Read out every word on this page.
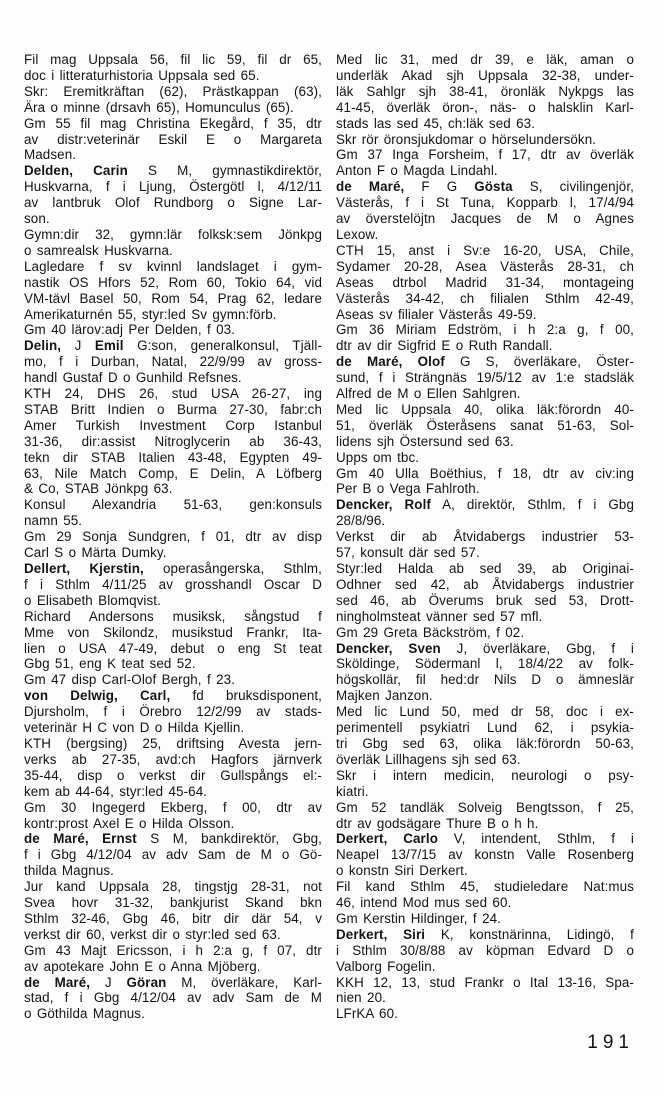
Fil mag Uppsala 56, fil lic 59, fil dr 65,
doc i litteraturhistoria Uppsala sed 65.
Skr: Eremitkräftan (62), Prästkappan (63),
Ära o minne (drsavh 65), Homunculus (65).
Gm 55 fil mag Christina Ekegård, f 35, dtr
av distr:veterinär Eskil E o Margareta
Madsen.
Delden, Carin S M, gymnastikdirektör,
Huskvarna, f i Ljung, Östergötl l, 4/12/11
av lantbruk Olof Rundborg o Signe Lar-
son.
Gymn:dir 32, gymn:lär folksk:sem Jönkpg
o samrealsk Huskvarna.
Lagledare f sv kvinnl landslaget i gym-
nastik OS Hfors 52, Rom 60, Tokio 64, vid
VM-tävl Basel 50, Rom 54, Prag 62, ledare
Amerikaturnén 55, styr:led Sv gymn:förb.
Gm 40 lärov:adj Per Delden, f 03.
Delin, J Emil G:son, generalkonsul, Tjäll-
mo, f i Durban, Natal, 22/9/99 av gross-
handl Gustaf D o Gunhild Refsnes.
KTH 24, DHS 26, stud USA 26-27, ing
STAB Britt Indien o Burma 27-30, fabr:ch
Amer Turkish Investment Corp Istanbul
31-36, dir:assist Nitroglycerin ab 36-43,
tekn dir STAB Italien 43-48, Egypten 49-
63, Nile Match Comp, E Delin, A Löfberg
& Co, STAB Jönkpg 63.
Konsul Alexandria 51-63, gen:konsuls
namn 55.
Gm 29 Sonja Sundgren, f 01, dtr av disp
Carl S o Märta Dumky.
Dellert, Kjerstin, operasångerska, Sthlm,
f i Sthlm 4/11/25 av grosshandl Oscar D
o Elisabeth Blomqvist.
Richard Andersons musiksk, sångstud f
Mme von Skilondz, musikstud Frankr, Ita-
lien o USA 47-49, debut o eng St teat
Gbg 51, eng K teat sed 52.
Gm 47 disp Carl-Olof Bergh, f 23.
von Delwig, Carl, fd bruksdisponent,
Djursholm, f i Örebro 12/2/99 av stads-
veterinär H C von D o Hilda Kjellin.
KTH (bergsing) 25, driftsing Avesta jern-
verks ab 27-35, avd:ch Hagfors järnverk
35-44, disp o verkst dir Gullspångs el:-
kem ab 44-64, styr:led 45-64.
Gm 30 Ingegerd Ekberg, f 00, dtr av
kontr:prost Axel E o Hilda Olsson.
de Maré, Ernst S M, bankdirektör, Gbg,
f i Gbg 4/12/04 av adv Sam de M o Gö-
thilda Magnus.
Jur kand Uppsala 28, tingstjg 28-31, not
Svea hovr 31-32, bankjurist Skand bkn
Sthlm 32-46, Gbg 46, bitr dir där 54, v
verkst dir 60, verkst dir o styr:led sed 63.
Gm 43 Majt Ericsson, i h 2:a g, f 07, dtr
av apotekare John E o Anna Mjöberg.
de Maré, J Göran M, överläkare, Karl-
stad, f i Gbg 4/12/04 av adv Sam de M
o Göthilda Magnus.
Med lic 31, med dr 39, e läk, aman o
underläk Akad sjh Uppsala 32-38, under-
läk Sahlgr sjh 38-41, öronläk Nykpgs las
41-45, överläk öron-, näs- o halsklin Karl-
stads las sed 45, ch:läk sed 63.
Skr rör öronsjukdomar o hörselundersökn.
Gm 37 Inga Forsheim, f 17, dtr av överläk
Anton F o Magda Lindahl.
de Maré, F G Gösta S, civilingenjör,
Västerås, f i St Tuna, Kopparb l, 17/4/94
av överstelöjtn Jacques de M o Agnes
Lexow.
CTH 15, anst i Sv:e 16-20, USA, Chile,
Sydamer 20-28, Asea Västerås 28-31, ch
Aseas dtrbol Madrid 31-34, montageing
Västerås 34-42, ch filialen Sthlm 42-49,
Aseas sv filialer Västerås 49-59.
Gm 36 Miriam Edström, i h 2:a g, f 00,
dtr av dir Sigfrid E o Ruth Randall.
de Maré, Olof G S, överläkare, Öster-
sund, f i Strängnäs 19/5/12 av 1:e stadsläk
Alfred de M o Ellen Sahlgren.
Med lic Uppsala 40, olika läk:förordn 40-
51, överläk Österåsens sanat 51-63, Sol-
lidens sjh Östersund sed 63.
Upps om tbc.
Gm 40 Ulla Boëthius, f 18, dtr av civ:ing
Per B o Vega Fahlroth.
Dencker, Rolf A, direktör, Sthlm, f i Gbg
28/8/96.
Verkst dir ab Åtvidabergs industrier 53-
57, konsult där sed 57.
Styr:led Halda ab sed 39, ab Originai-
Odhner sed 42, ab Åtvidabergs industrier
sed 46, ab Överums bruk sed 53, Drott-
ningholmsteat vänner sed 57 mfl.
Gm 29 Greta Bäckström, f 02.
Dencker, Sven J, överläkare, Gbg, f i
Sköldinge, Södermanl l, 18/4/22 av folk-
högskollär, fil hed:dr Nils D o ämneslär
Majken Janzon.
Med lic Lund 50, med dr 58, doc i ex-
perimentell psykiatri Lund 62, i psykia-
tri Gbg sed 63, olika läk:förordn 50-63,
överläk Lillhagens sjh sed 63.
Skr i intern medicin, neurologi o psy-
kiatri.
Gm 52 tandläk Solveig Bengtsson, f 25,
dtr av godsägare Thure B o h h.
Derkert, Carlo V, intendent, Sthlm, f i
Neapel 13/7/15 av konstn Valle Rosenberg
o konstn Siri Derkert.
Fil kand Sthlm 45, studieledare Nat:mus
46, intend Mod mus sed 60.
Gm Kerstin Hildinger, f 24.
Derkert, Siri K, konstnärinna, Lidingö, f
i Sthlm 30/8/88 av köpman Edvard D o
Valborg Fogelin.
KKH 12, 13, stud Frankr o Ital 13-16, Spa-
nien 20.
LFrKA 60.
191
